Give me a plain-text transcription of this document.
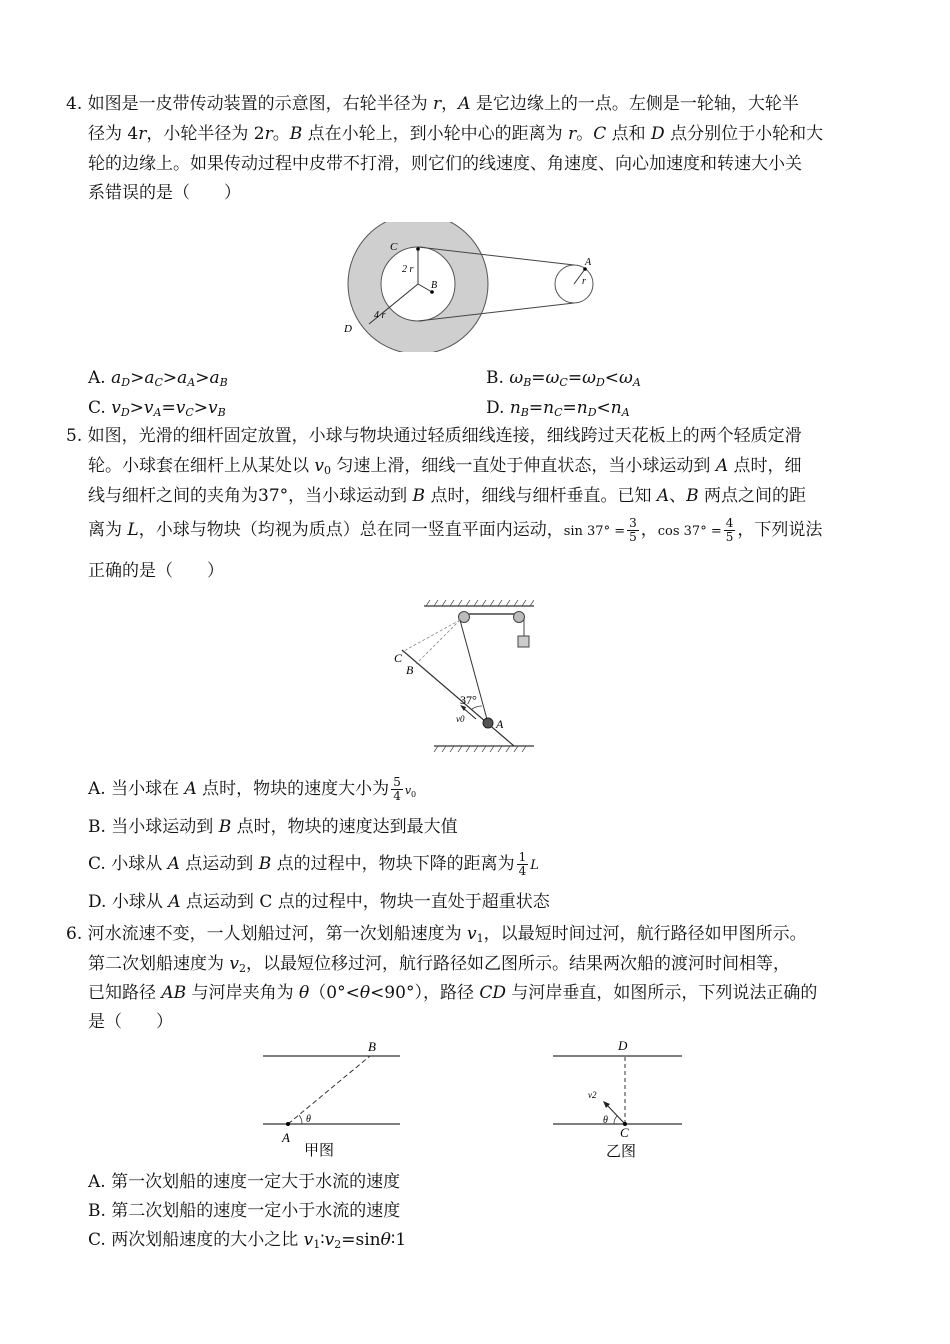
4. 如图是一皮带传动装置的示意图，右轮半径为 r，A 是它边缘上的一点。左侧是一轮轴，大轮半
径为 4r，小轮半径为 2r。B 点在小轮上，到小轮中心的距离为 r。C 点和 D 点分别位于小轮和大
轮的边缘上。如果传动过程中皮带不打滑，则它们的线速度、角速度、向心加速度和转速大小关
系错误的是（　　）
C
2 r
B
4 r
D
A
r
A. $a_D>a_C>a_A>a_B$	B. $\omega_B=\omega_C=\omega_D<\omega_A$
C. $v_D>v_A=v_C>v_B$	D. $n_B=n_C=n_D<n_A$
5. 如图，光滑的细杆固定放置，小球与物块通过轻质细线连接，细线跨过天花板上的两个轻质定滑
轮。小球套在细杆上从某处以 $v_0$ 匀速上滑，细线一直处于伸直状态，当小球运动到 A 点时，细
线与细杆之间的夹角为37°，当小球运动到 B 点时，细线与细杆垂直。已知 A、B 两点之间的距
离为 L，小球与物块（均视为质点）总在同一竖直平面内运动，$\sin 37^\circ = \frac{3}{5}$ ，$\cos 37^\circ = \frac{4}{5}$ ，下列说法
正确的是（　　）
C
B
37°
v0	A
A. 当小球在 A 点时，物块的速度大小为 $\frac{5}{4} v_0$
B. 当小球运动到 B 点时，物块的速度达到最大值
C. 小球从 A 点运动到 B 点的过程中，物块下降的距离为 $\frac{1}{4}$ L
D. 小球从 A 点运动到 C 点的过程中，物块一直处于超重状态
6. 河水流速不变，一人划船过河，第一次划船速度为 $v_1$，以最短时间过河，航行路径如甲图所示。
第二次划船速度为 $v_2$，以最短位移过河，航行路径如乙图所示。结果两次船的渡河时间相等，
已知路径 AB 与河岸夹角为 θ（0°<θ<90°），路径 CD 与河岸垂直，如图所示，下列说法正确的
是（　　）
B
θ
A
甲图
D
v2
θ
C
乙图
A. 第一次划船的速度一定大于水流的速度
B. 第二次划船的速度一定小于水流的速度
C. 两次划船速度的大小之比 $v_1∶v_2=\sin\theta∶1$
